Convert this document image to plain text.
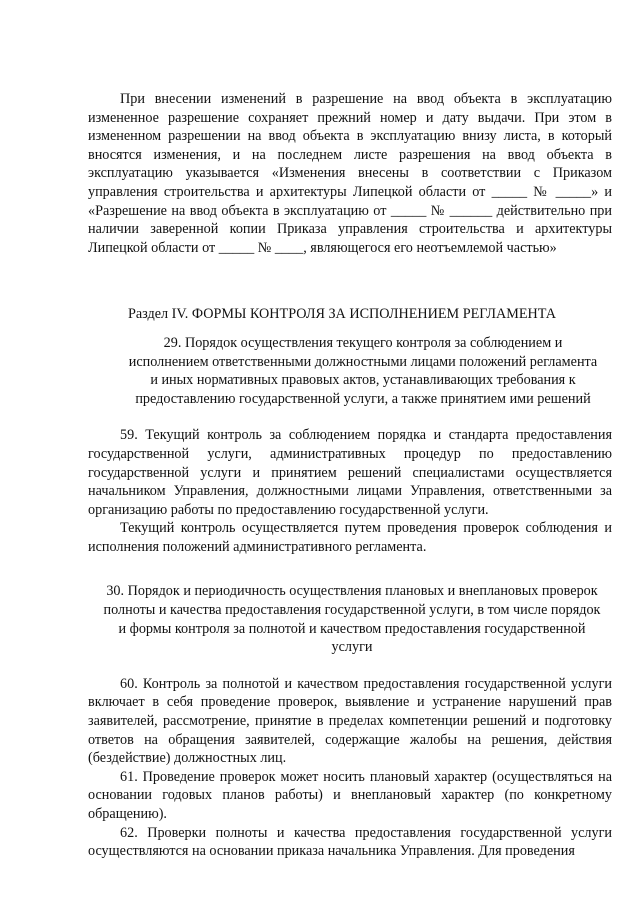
При внесении изменений в разрешение на ввод объекта в эксплуатацию измененное разрешение сохраняет прежний номер и дату выдачи. При этом в измененном разрешении на ввод объекта в эксплуатацию внизу листа, в который вносятся изменения, и на последнем листе разрешения на ввод объекта в эксплуатацию указывается «Изменения внесены в соответствии с Приказом управления строительства и архитектуры Липецкой области от _____ № _____» и «Разрешение на ввод объекта в эксплуатацию от _____ № ______ действительно при наличии заверенной копии Приказа управления строительства и архитектуры Липецкой области от _____ № ____, являющегося его неотъемлемой частью»

Раздел IV. ФОРМЫ КОНТРОЛЯ ЗА ИСПОЛНЕНИЕМ РЕГЛАМЕНТА

29. Порядок осуществления текущего контроля за соблюдением и исполнением ответственными должностными лицами положений регламента и иных нормативных правовых актов, устанавливающих требования к предоставлению государственной услуги, а также принятием ими решений

59. Текущий контроль за соблюдением порядка и стандарта предоставления государственной услуги, административных процедур по предоставлению государственной услуги и принятием решений специалистами осуществляется начальником Управления, должностными лицами Управления, ответственными за организацию работы по предоставлению государственной услуги.

Текущий контроль осуществляется путем проведения проверок соблюдения и исполнения положений административного регламента.

30. Порядок и периодичность осуществления плановых и внеплановых проверок полноты и качества предоставления государственной услуги, в том числе порядок и формы контроля за полнотой и качеством предоставления государственной услуги

60. Контроль за полнотой и качеством предоставления государственной услуги включает в себя проведение проверок, выявление и устранение нарушений прав заявителей, рассмотрение, принятие в пределах компетенции решений и подготовку ответов на обращения заявителей, содержащие жалобы на решения, действия (бездействие) должностных лиц.

61. Проведение проверок может носить плановый характер (осуществляться на основании годовых планов работы) и внеплановый характер (по конкретному обращению).

62. Проверки полноты и качества предоставления государственной услуги осуществляются на основании приказа начальника Управления. Для проведения
